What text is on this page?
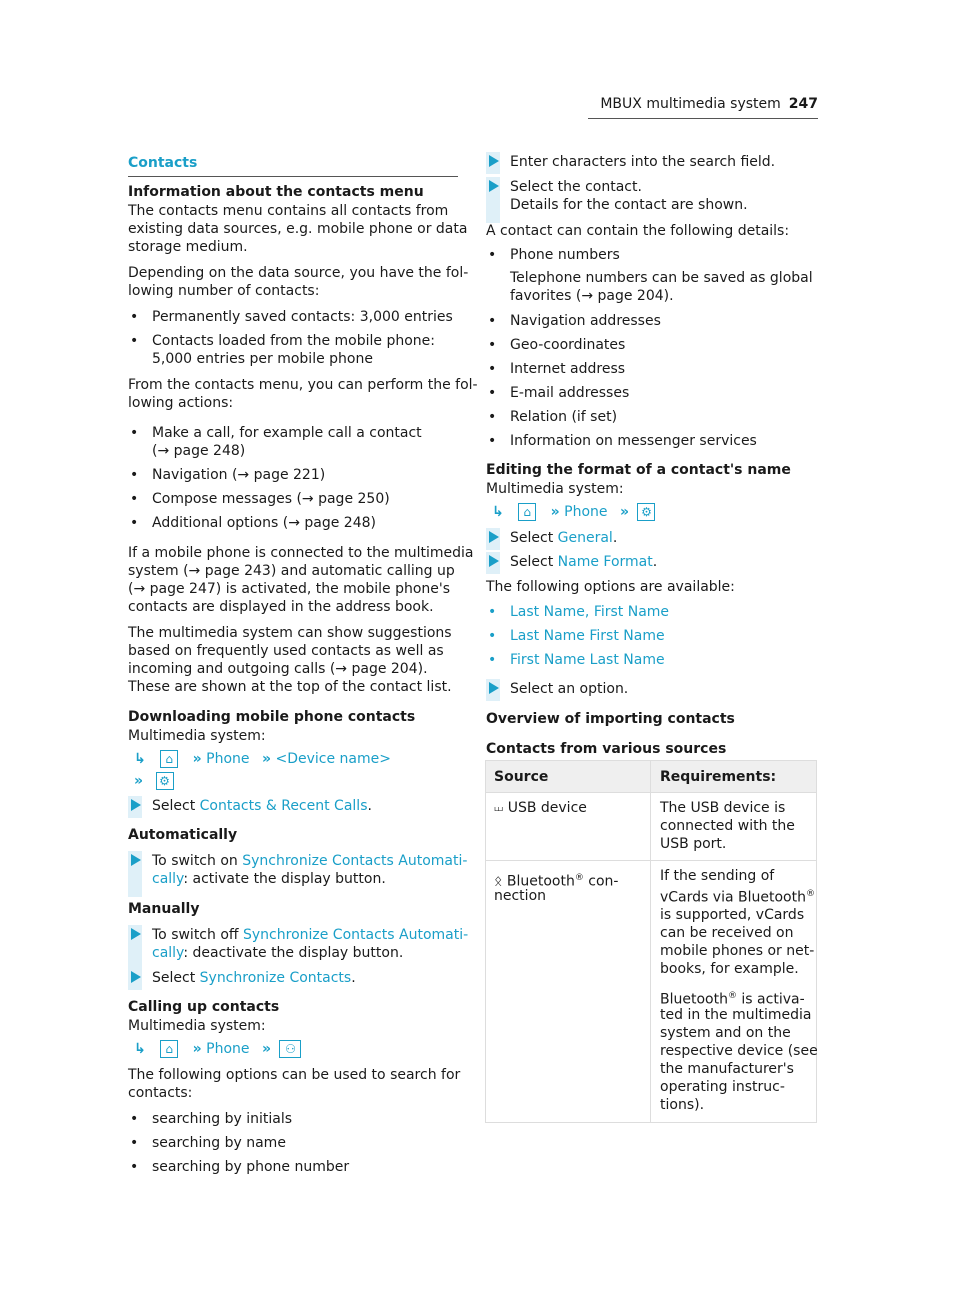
MBUX multimedia system 247
Contacts
Information about the contacts menu
The contacts menu contains all contacts from
existing data sources, e.g. mobile phone or data
storage medium.
Depending on the data source, you have the fol-
lowing number of contacts:
• Permanently saved contacts: 3,000 entries
• Contacts loaded from the mobile phone:
5,000 entries per mobile phone
From the contacts menu, you can perform the fol-
lowing actions:
• Make a call, for example call a contact
(→ page 248)
• Navigation (→ page 221)
• Compose messages (→ page 250)
• Additional options (→ page 248)
If a mobile phone is connected to the multimedia
system (→ page 243) and automatic calling up
(→ page 247) is activated, the mobile phone's
contacts are displayed in the address book.
The multimedia system can show suggestions
based on frequently used contacts as well as
incoming and outgoing calls (→ page 204).
These are shown at the top of the contact list.
Downloading mobile phone contacts
Multimedia system:
↳ ⌂ » Phone » <Device name>
» ⚙
Select Contacts & Recent Calls.
Automatically
To switch on Synchronize Contacts Automati-
cally: activate the display button.
Manually
To switch off Synchronize Contacts Automati-
cally: deactivate the display button.
Select Synchronize Contacts.
Calling up contacts
Multimedia system:
↳ ⌂ » Phone » ⚇
The following options can be used to search for
contacts:
• searching by initials
• searching by name
• searching by phone number
Enter characters into the search field.
Select the contact.
Details for the contact are shown.
A contact can contain the following details:
• Phone numbers
Telephone numbers can be saved as global
favorites (→ page 204).
• Navigation addresses
• Geo-coordinates
• Internet address
• E-mail addresses
• Relation (if set)
• Information on messenger services
Editing the format of a contact's name
Multimedia system:
↳ ⌂ » Phone » ⚙
Select General.
Select Name Format.
The following options are available:
• Last Name, First Name
• Last Name First Name
• First Name Last Name
Select an option.
Overview of importing contacts
Contacts from various sources
Source	Requirements:
⏙ USB device	The USB device is
connected with the
USB port.
ᛟ Bluetooth® con-
nection
If the sending of
vCards via Bluetooth®
is supported, vCards
can be received on
mobile phones or net-
books, for example.
Bluetooth® is activa-
ted in the multimedia
system and on the
respective device (see
the manufacturer's
operating instruc-
tions).
